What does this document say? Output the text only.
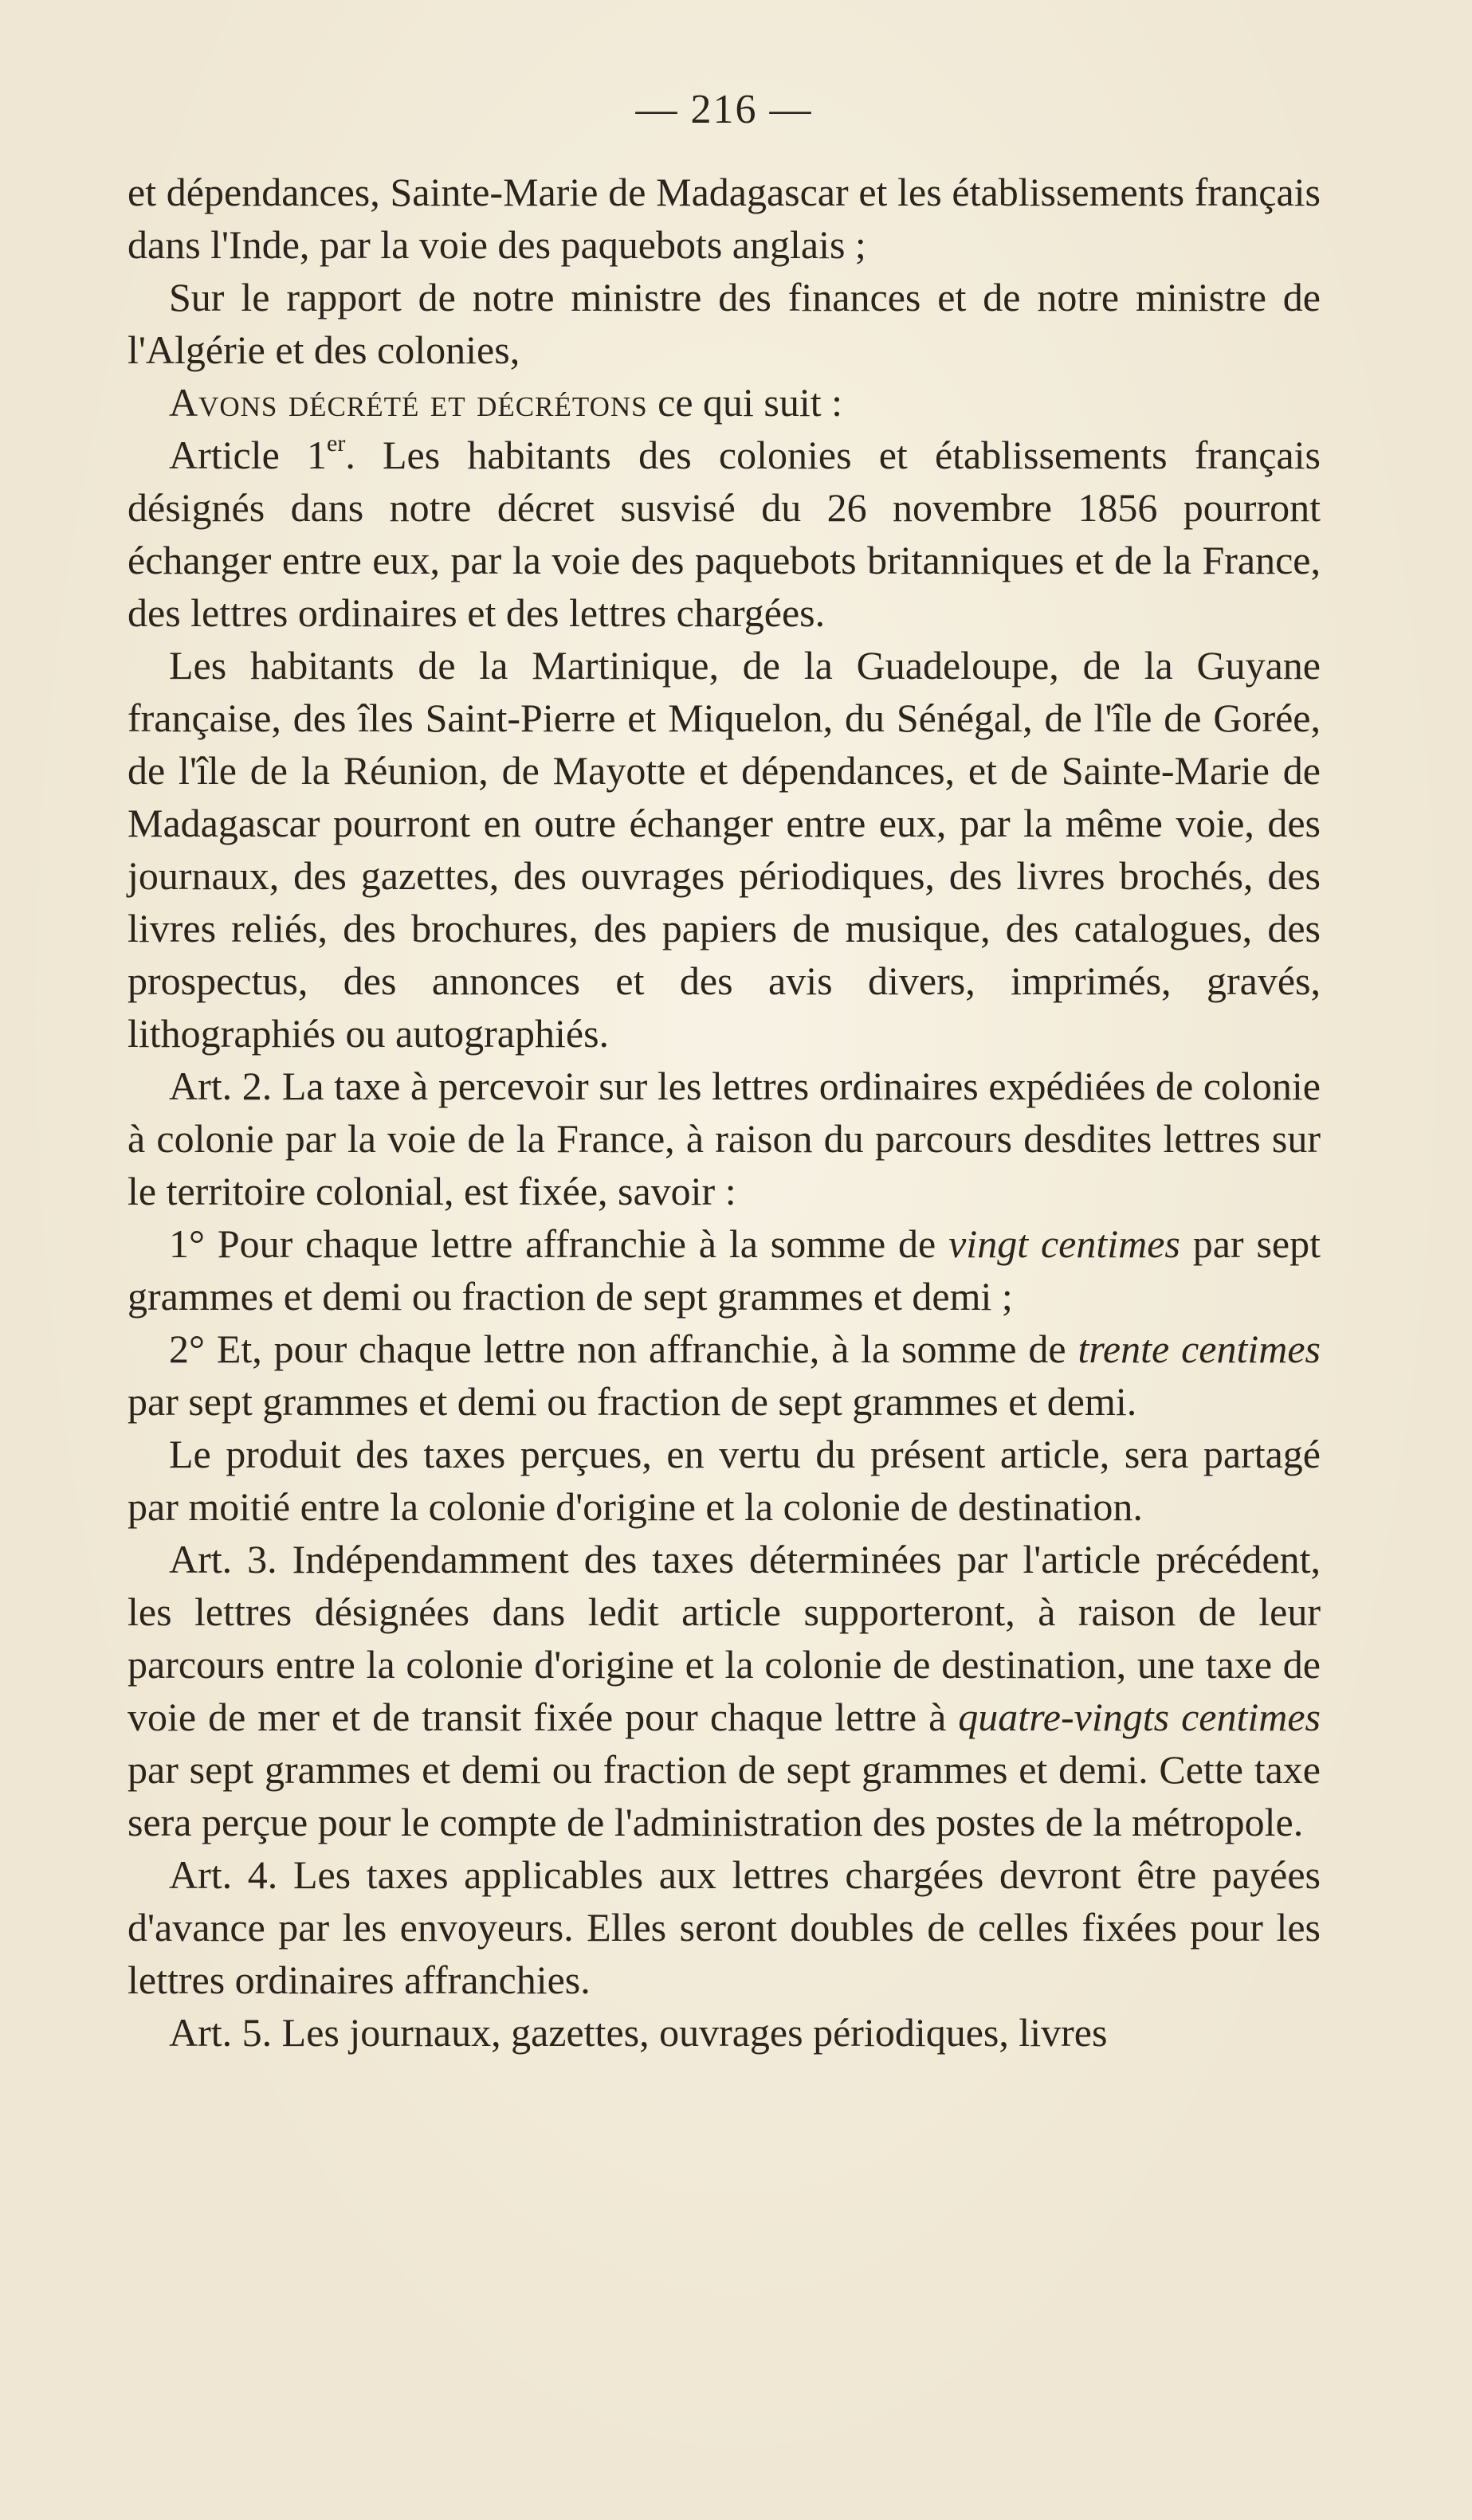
— 216 —

et dépendances, Sainte-Marie de Madagascar et les établissements français dans l'Inde, par la voie des paquebots anglais ;

Sur le rapport de notre ministre des finances et de notre ministre de l'Algérie et des colonies,

Avons décrété et décrétons ce qui suit :

Article 1er. Les habitants des colonies et établissements français désignés dans notre décret susvisé du 26 novembre 1856 pourront échanger entre eux, par la voie des paquebots britanniques et de la France, des lettres ordinaires et des lettres chargées.

Les habitants de la Martinique, de la Guadeloupe, de la Guyane française, des îles Saint-Pierre et Miquelon, du Sénégal, de l'île de Gorée, de l'île de la Réunion, de Mayotte et dépendances, et de Sainte-Marie de Madagascar pourront en outre échanger entre eux, par la même voie, des journaux, des gazettes, des ouvrages périodiques, des livres brochés, des livres reliés, des brochures, des papiers de musique, des catalogues, des prospectus, des annonces et des avis divers, imprimés, gravés, lithographiés ou autographiés.

Art. 2. La taxe à percevoir sur les lettres ordinaires expédiées de colonie à colonie par la voie de la France, à raison du parcours desdites lettres sur le territoire colonial, est fixée, savoir :

1° Pour chaque lettre affranchie à la somme de vingt centimes par sept grammes et demi ou fraction de sept grammes et demi ;

2° Et, pour chaque lettre non affranchie, à la somme de trente centimes par sept grammes et demi ou fraction de sept grammes et demi.

Le produit des taxes perçues, en vertu du présent article, sera partagé par moitié entre la colonie d'origine et la colonie de destination.

Art. 3. Indépendamment des taxes déterminées par l'article précédent, les lettres désignées dans ledit article supporteront, à raison de leur parcours entre la colonie d'origine et la colonie de destination, une taxe de voie de mer et de transit fixée pour chaque lettre à quatre-vingts centimes par sept grammes et demi ou fraction de sept grammes et demi. Cette taxe sera perçue pour le compte de l'administration des postes de la métropole.

Art. 4. Les taxes applicables aux lettres chargées devront être payées d'avance par les envoyeurs. Elles seront doubles de celles fixées pour les lettres ordinaires affranchies.

Art. 5. Les journaux, gazettes, ouvrages périodiques, livres
